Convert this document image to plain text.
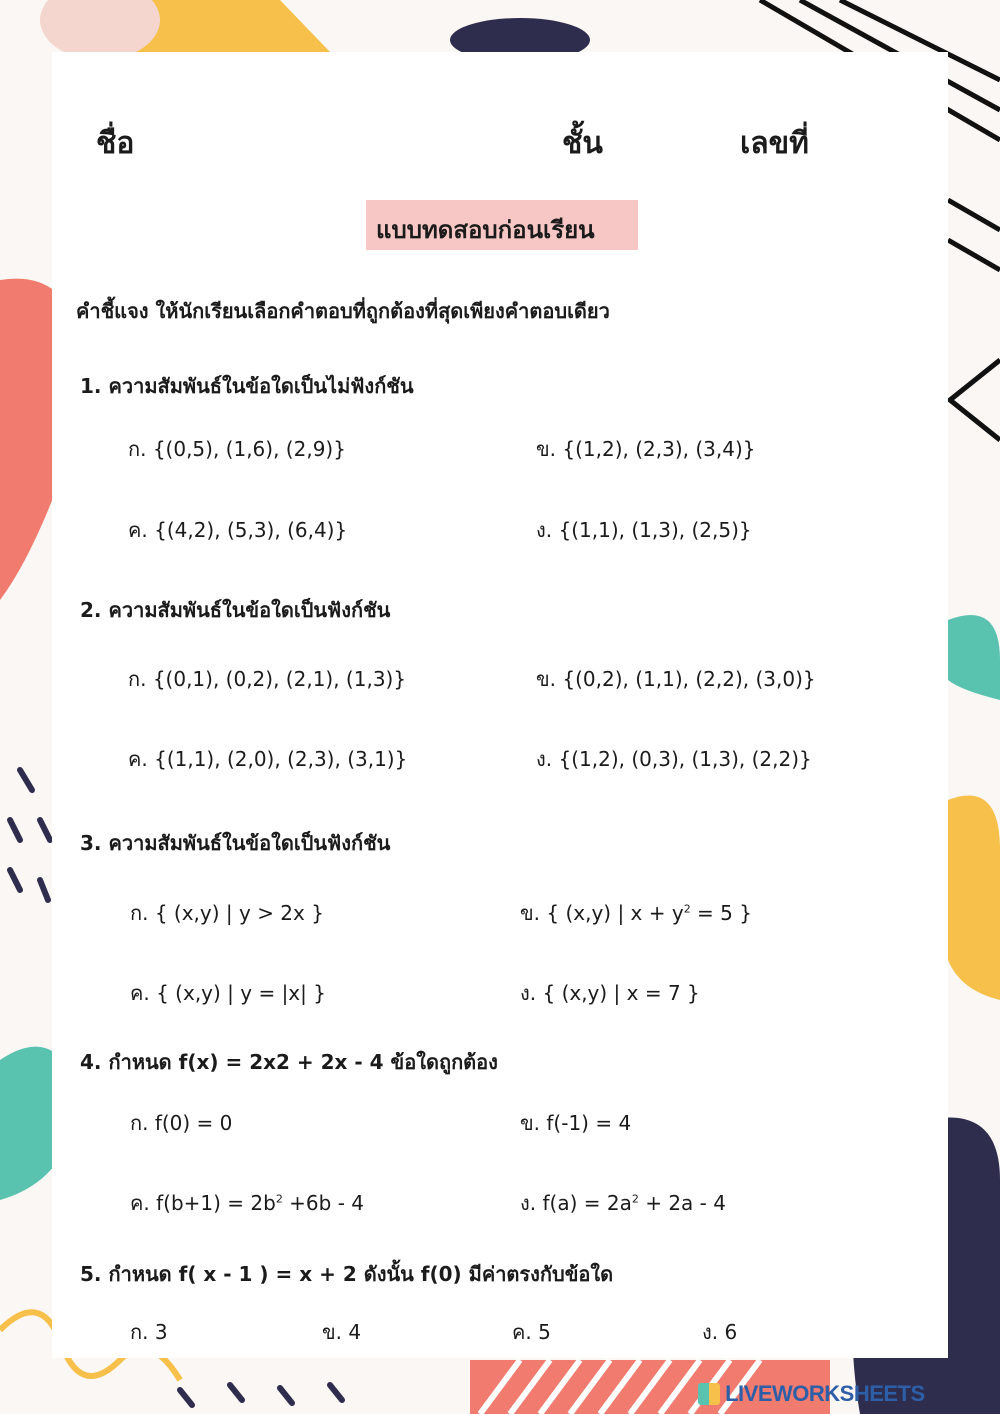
ชื่อ	ชั้น	เลขที่
แบบทดสอบก่อนเรียน
คำชี้แจง ให้นักเรียนเลือกคำตอบที่ถูกต้องที่สุดเพียงคำตอบเดียว
1. ความสัมพันธ์ในข้อใดเป็นไม่ฟังก์ชัน
ก. {(0,5), (1,6), (2,9)}	ข. {(1,2), (2,3), (3,4)}
ค. {(4,2), (5,3), (6,4)}	ง. {(1,1), (1,3), (2,5)}
2. ความสัมพันธ์ในข้อใดเป็นฟังก์ชัน
ก. {(0,1), (0,2), (2,1), (1,3)}	ข. {(0,2), (1,1), (2,2), (3,0)}
ค. {(1,1), (2,0), (2,3), (3,1)}	ง. {(1,2), (0,3), (1,3), (2,2)}
3. ความสัมพันธ์ในข้อใดเป็นฟังก์ชัน
ก. { (x,y) | y > 2x }	ข. { (x,y) | $x + y^2 = 5$ }
ค. { (x,y) | y = |x| }	ง. { (x,y) | x = 7 }
4. กำหนด f(x) = 2x2 + 2x - 4 ข้อใดถูกต้อง
ก. f(0) = 0	ข. f(-1) = 4
ค. $f(b+1) = 2b^2 +6b - 4$	ง. $f(a) = 2a^2 + 2a - 4$
5. กำหนด f( x - 1 ) = x + 2 ดังนั้น f(0) มีค่าตรงกับข้อใด
ก. 3	ข. 4	ค. 5	ง. 6
LIVEWORKSHEETS
